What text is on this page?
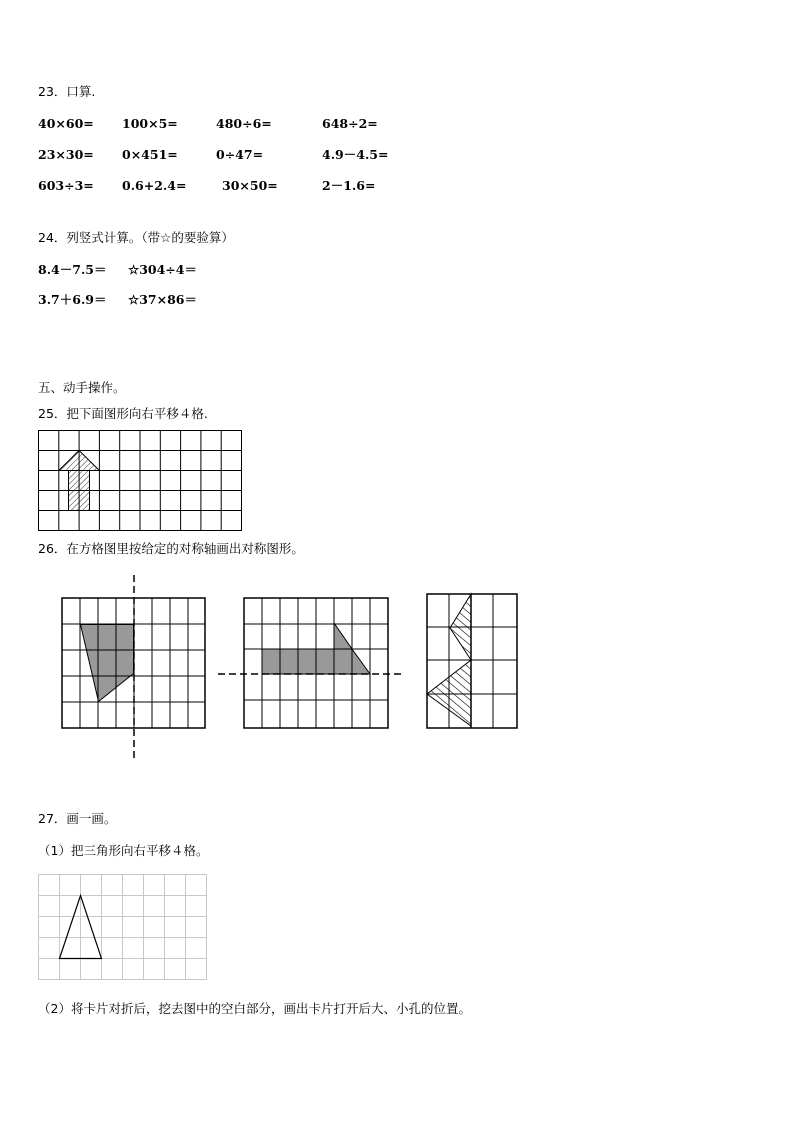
23．口算.
40×60= 100×5=	480÷6=	648÷2=
23×30= 0×451=	0÷47=	4.9－4.5=
603÷3= 0.6+2.4=	30×50=	2－1.6=
24．列竖式计算。（带☆的要验算）
8.4－7.5＝ ☆304÷4＝
3.7＋6.9＝ ☆37×86＝
五、动手操作。
25．把下面图形向右平移４格.
26．在方格图里按给定的对称轴画出对称图形。
27．画一画。
（1）把三角形向右平移４格。
（2）将卡片对折后，挖去图中的空白部分，画出卡片打开后大、小孔的位置。
